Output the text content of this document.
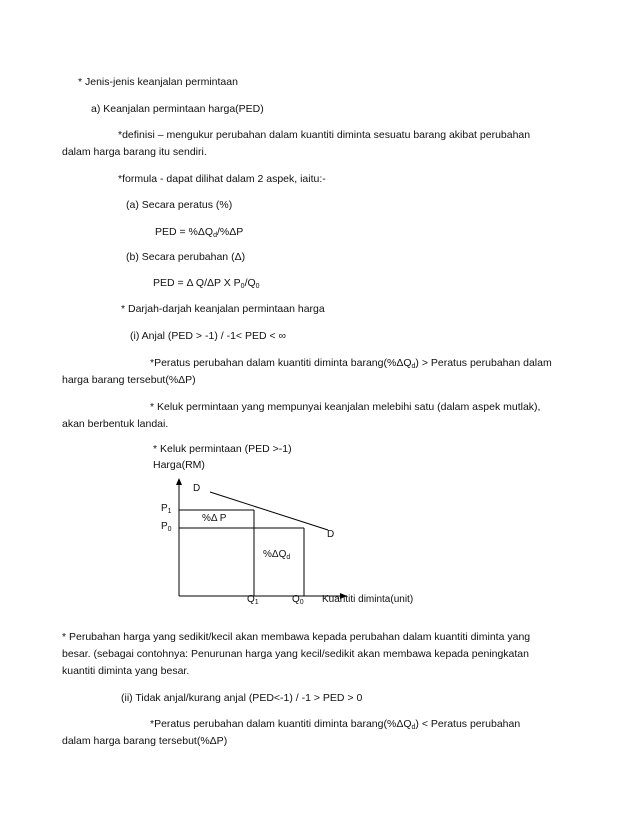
* Jenis-jenis keanjalan permintaan
a) Keanjalan permintaan harga(PED)
*definisi – mengukur perubahan dalam kuantiti diminta sesuatu barang akibat perubahan
dalam harga barang itu sendiri.
*formula - dapat dilihat dalam 2 aspek, iaitu:-
(a) Secara peratus (%)
PED = $\%\Delta Q_d/\%\Delta P$
(b) Secara perubahan (Δ)
PED = Δ Q/ΔP X $P_0/Q_0$
* Darjah-darjah keanjalan permintaan harga
(i) Anjal (PED > -1) / -1< PED < ∞
*Peratus perubahan dalam kuantiti diminta $barang(\%\Delta Q_d)$ > Peratus perubahan dalam
harga barang tersebut(%ΔP)
* Keluk permintaan yang mempunyai keanjalan melebihi satu (dalam aspek mutlak),
akan berbentuk landai.
* Keluk permintaan (PED >-1)
Harga(RM)
D
D
$P_1$
$P_0$
%Δ P
$\%\Delta Q_d$
$Q_1$	$Q_0$ Kuantiti diminta(unit)
* Perubahan harga yang sedikit/kecil akan membawa kepada perubahan dalam kuantiti diminta yang
besar. (sebagai contohnya: Penurunan harga yang kecil/sedikit akan membawa kepada peningkatan
kuantiti diminta yang besar.
(ii) Tidak anjal/kurang anjal (PED<-1) / -1 > PED > 0
*Peratus perubahan dalam kuantiti diminta $barang(\%\Delta Q_d)$ < Peratus perubahan
dalam harga barang tersebut(%ΔP)
